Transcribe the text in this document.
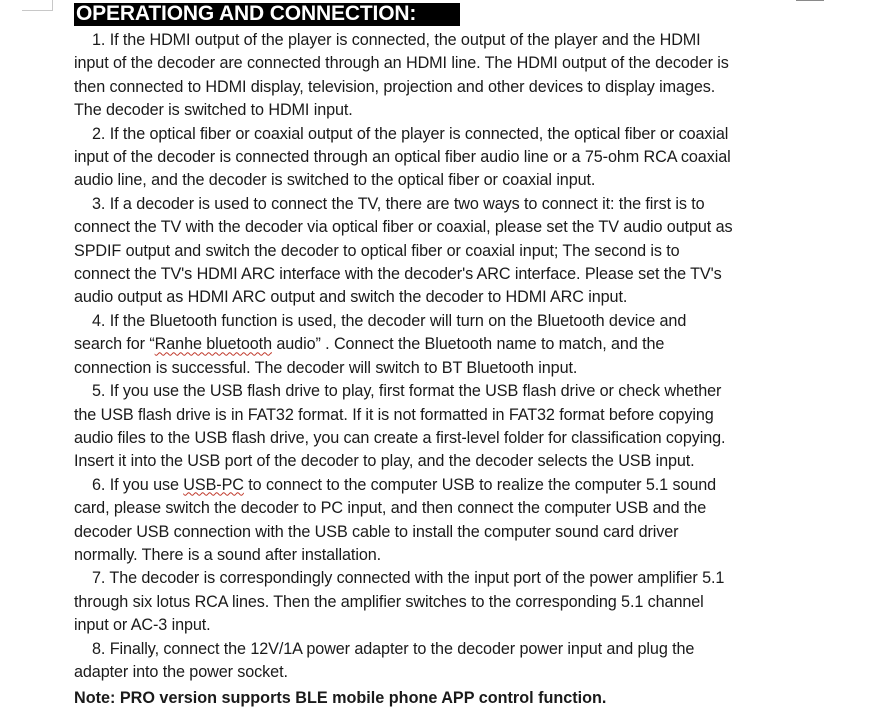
OPERATIONG AND CONNECTION:
1. If the HDMI output of the player is connected, the output of the player and the HDMI
input of the decoder are connected through an HDMI line. The HDMI output of the decoder is
then connected to HDMI display, television, projection and other devices to display images.
The decoder is switched to HDMI input.
2. If the optical fiber or coaxial output of the player is connected, the optical fiber or coaxial
input of the decoder is connected through an optical fiber audio line or a 75-ohm RCA coaxial
audio line, and the decoder is switched to the optical fiber or coaxial input.
3. If a decoder is used to connect the TV, there are two ways to connect it: the first is to
connect the TV with the decoder via optical fiber or coaxial, please set the TV audio output as
SPDIF output and switch the decoder to optical fiber or coaxial input; The second is to
connect the TV's HDMI ARC interface with the decoder's ARC interface. Please set the TV's
audio output as HDMI ARC output and switch the decoder to HDMI ARC input.
4. If the Bluetooth function is used, the decoder will turn on the Bluetooth device and
search for “Ranhe bluetooth audio” . Connect the Bluetooth name to match, and the
connection is successful. The decoder will switch to BT Bluetooth input.
5. If you use the USB flash drive to play, first format the USB flash drive or check whether
the USB flash drive is in FAT32 format. If it is not formatted in FAT32 format before copying
audio files to the USB flash drive, you can create a first-level folder for classification copying.
Insert it into the USB port of the decoder to play, and the decoder selects the USB input.
6. If you use USB-PC to connect to the computer USB to realize the computer 5.1 sound
card, please switch the decoder to PC input, and then connect the computer USB and the
decoder USB connection with the USB cable to install the computer sound card driver
normally. There is a sound after installation.
7. The decoder is correspondingly connected with the input port of the power amplifier 5.1
through six lotus RCA lines. Then the amplifier switches to the corresponding 5.1 channel
input or AC-3 input.
8. Finally, connect the 12V/1A power adapter to the decoder power input and plug the
adapter into the power socket.
Note: PRO version supports BLE mobile phone APP control function.
